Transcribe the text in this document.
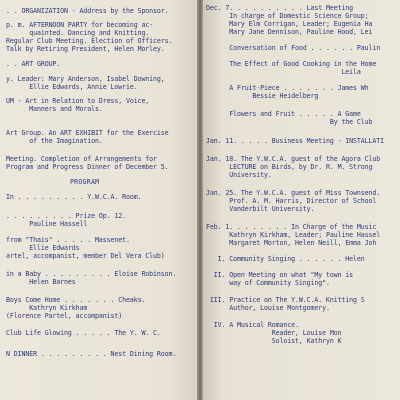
. . ORGANIZATION - Address by the Sponsor.
p. m. AFTERNOON PARTY for becoming ac-
quainted. Dancing and Knitting.
Regular Club Meeting. Election of Officers.
Talk by Retiring President, Helen Morley.
. . ART GROUP.
y. Leader: Mary Anderson, Isabel Downing,
Ellie Edwards, Annie Lowrie.
UM - Art in Relation to Dress, Voice,
Manners and Morals.
Art Group. An ART EXHIBIT for the Exercise
of the Imagination.
Meeting. Completion of Arrangements for
Program and Progress Dinner of December 5.
PROGRAM
In . . . . . . . . . Y.W.C.A. Room.
. . . . . . . . . Prize Op. 12.
Pauline Hassell
from "Thais" . . . . . Massenet.
Ellie Edwards
artel, accompanist, member Del Vera Club)
in a Baby . . . . . . . . . Eloise Robinson.
Helen Barnes
Boys Come Home . . . . . . . Cheaks.
Kathryn Kirkham
(Florence Partel, accompanist)
Club Life Glowing . . . . . The Y. W. C.
N DINNER . . . . . . . . . Nest Dining Room.
Dec. 7. . . . . . . . . . Last Meeting
In charge of Domestic Science Group;
Mary Elm Corrigan, Leader; Eugenia Ha
Mary Jane Dennison, Pauline Hood, Lei
Conversation of Food . . . . . . Paulin
The Effect of Good Cooking in the Home
Leila
A Fruit-Piece . . . . . . . James Wh
Bessie Heidelberg
Flowers and Fruit . . . . . A Game
By the Club
Jan. 11. . . . . Business Meeting - INSTALLATI
Jan. 18. The Y.W.C.A. guest of the Agora Club
LECTURE on Birds, by Dr. R. M. Strong
University.
Jan. 25. The Y.W.C.A. guest of Miss Townsend.
Prof. A. M. Harris, Director of School
Vanderbilt University.
Feb. 1. . . . . . . . In Charge of the Music
Kathryn Kirkham, Leader; Pauline Hassel
Margaret Morton, Helen Neill, Emma Joh
I. Community Singing . . . . . . Helen
II. Open Meeting on what "My town is
way of Community Singing".
III. Practice on The Y.W.C.A. Knitting S
Author, Louise Montgomery.
IV. A Musical Romance.
Reader, Louise Mon
Soloist, Kathryn K
